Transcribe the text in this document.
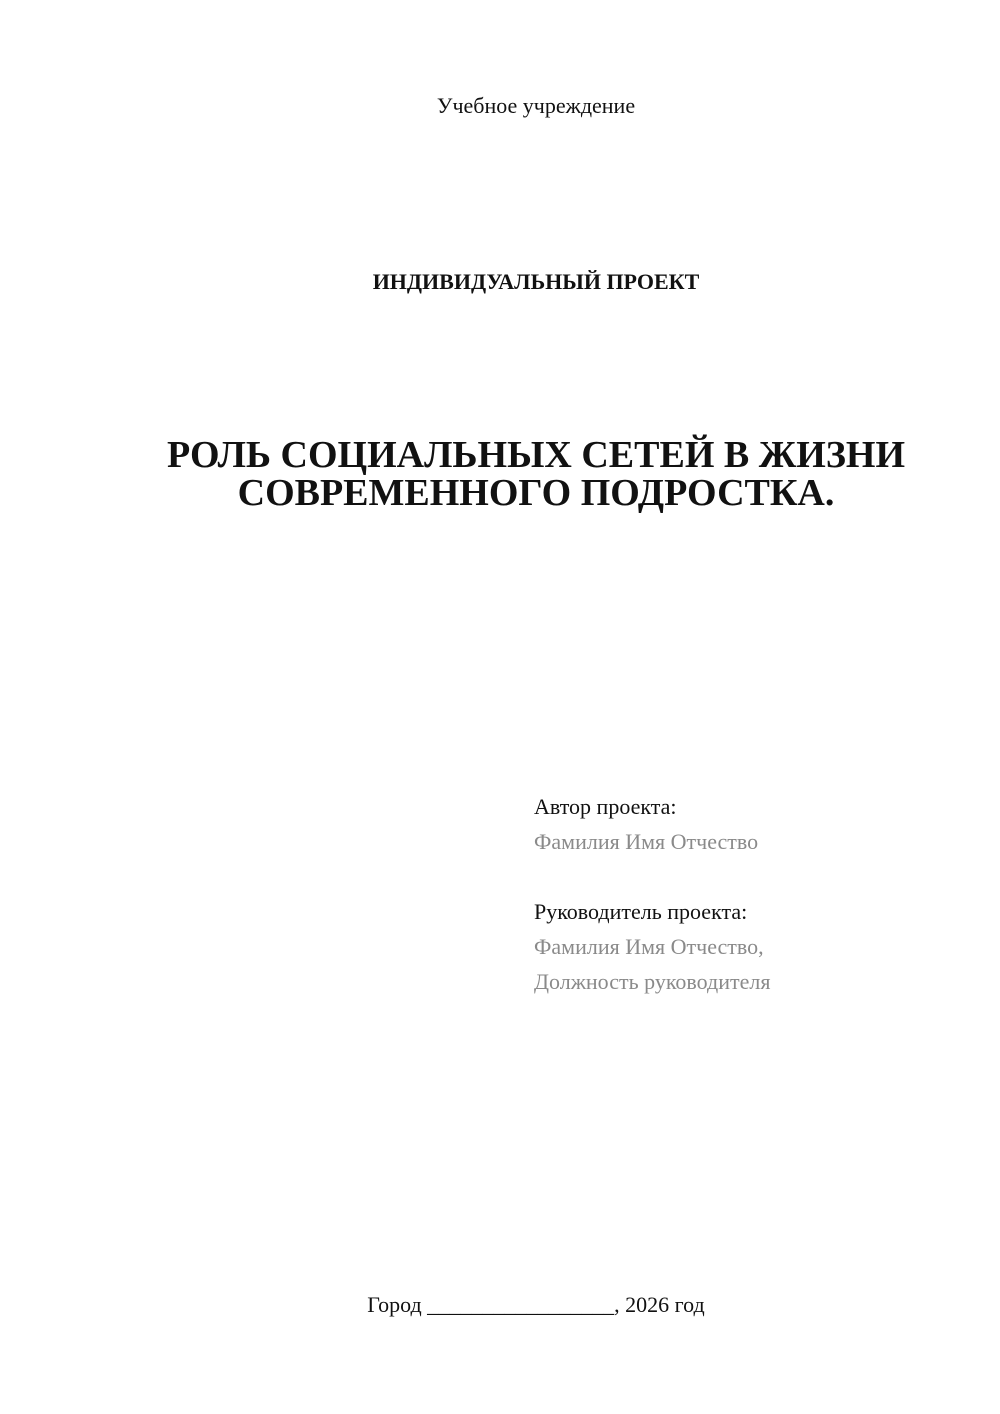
Учебное учреждение
ИНДИВИДУАЛЬНЫЙ ПРОЕКТ
РОЛЬ СОЦИАЛЬНЫХ СЕТЕЙ В ЖИЗНИ
СОВРЕМЕННОГО ПОДРОСТКА.
Автор проекта:
Фамилия Имя Отчество
Руководитель проекта:
Фамилия Имя Отчество,
Должность руководителя
Город _________________, 2026 год
